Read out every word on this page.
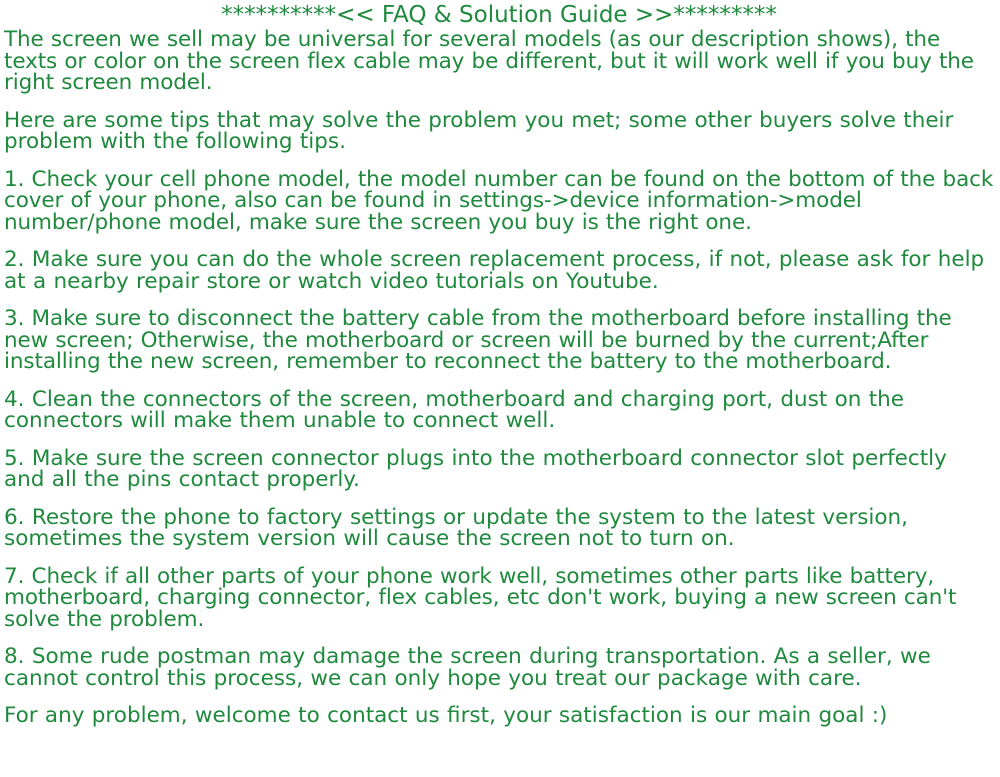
**********<< FAQ & Solution Guide >>*********

The screen we sell may be universal for several models (as our description shows), the texts or color on the screen flex cable may be different, but it will work well if you buy the right screen model.

Here are some tips that may solve the problem you met; some other buyers solve their problem with the following tips.

1. Check your cell phone model, the model number can be found on the bottom of the back cover of your phone, also can be found in settings->device information->model number/phone model, make sure the screen you buy is the right one.

2. Make sure you can do the whole screen replacement process, if not, please ask for help at a nearby repair store or watch video tutorials on Youtube.

3. Make sure to disconnect the battery cable from the motherboard before installing the new screen; Otherwise, the motherboard or screen will be burned by the current;After installing the new screen, remember to reconnect the battery to the motherboard.

4. Clean the connectors of the screen, motherboard and charging port, dust on the connectors will make them unable to connect well.

5. Make sure the screen connector plugs into the motherboard connector slot perfectly and all the pins contact properly.

6. Restore the phone to factory settings or update the system to the latest version, sometimes the system version will cause the screen not to turn on.

7. Check if all other parts of your phone work well, sometimes other parts like battery, motherboard, charging connector, flex cables, etc don't work, buying a new screen can't solve the problem.

8. Some rude postman may damage the screen during transportation. As a seller, we cannot control this process, we can only hope you treat our package with care.

For any problem, welcome to contact us first, your satisfaction is our main goal :)
